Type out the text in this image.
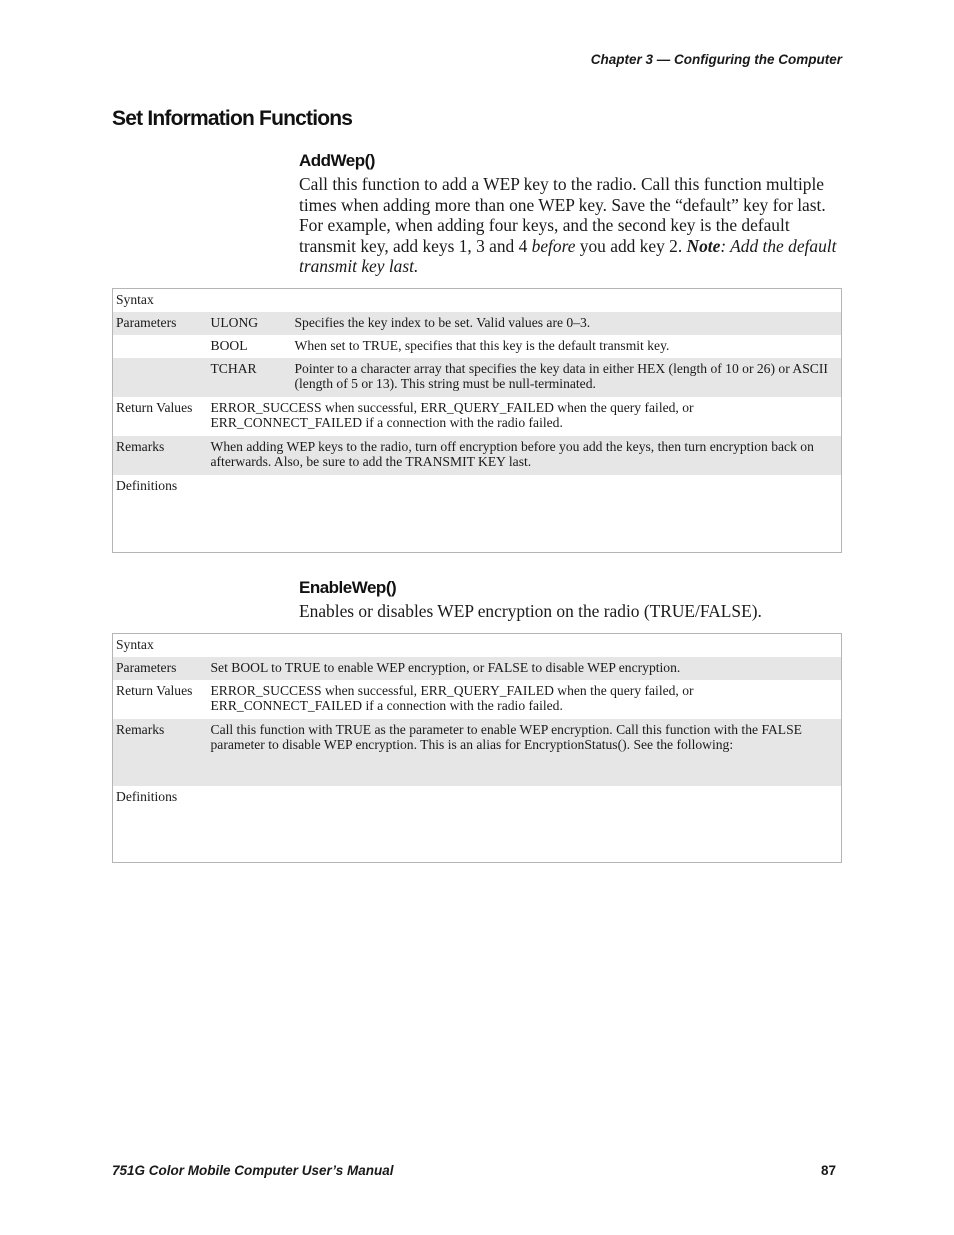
Chapter 3 — Configuring the Computer
Set Information Functions
AddWep()
Call this function to add a WEP key to the radio. Call this function multiple times when adding more than one WEP key. Save the “default” key for last. For example, when adding four keys, and the second key is the default transmit key, add keys 1, 3 and 4 before you add key 2. Note: Add the default transmit key last.
Syntax		
Parameters	ULONG	Specifies the key index to be set. Valid values are 0–3.
	BOOL	When set to TRUE, specifies that this key is the default transmit key.
	TCHAR	Pointer to a character array that specifies the key data in either HEX (length of 10 or 26) or ASCII (length of 5 or 13). This string must be null-terminated.
Return Values	ERROR_SUCCESS when successful, ERR_QUERY_FAILED when the query failed, or ERR_CONNECT_FAILED if a connection with the radio failed.	
Remarks	When adding WEP keys to the radio, turn off encryption before you add the keys, then turn encryption back on afterwards. Also, be sure to add the TRANSMIT KEY last.	
Definitions		
EnableWep()
Enables or disables WEP encryption on the radio (TRUE/FALSE).
Syntax	
Parameters	Set BOOL to TRUE to enable WEP encryption, or FALSE to disable WEP encryption.
Return Values	ERROR_SUCCESS when successful, ERR_QUERY_FAILED when the query failed, or ERR_CONNECT_FAILED if a connection with the radio failed.
Remarks	Call this function with TRUE as the parameter to enable WEP encryption. Call this function with the FALSE parameter to disable WEP encryption. This is an alias for EncryptionStatus(). See the following:
Definitions	
751G Color Mobile Computer User’s Manual	87
